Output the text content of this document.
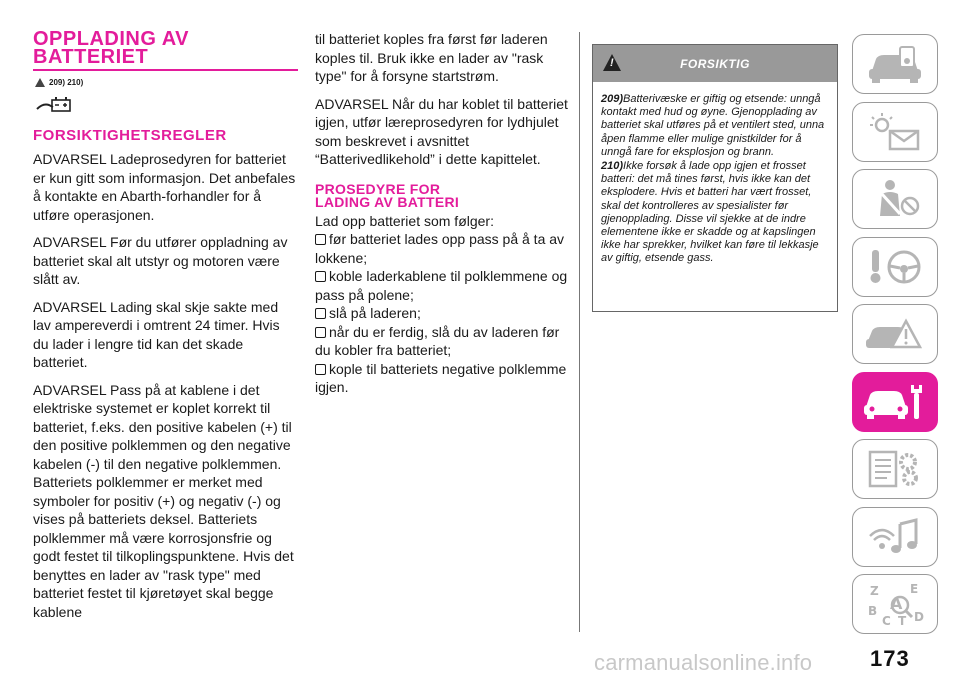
OPPLADING AV
BATTERIET
209) 210)
FORSIKTIGHETSREGLER

ADVARSEL Ladeprosedyren for batteriet er kun gitt som informasjon. Det anbefales å kontakte en Abarth-forhandler for å utføre operasjonen.

ADVARSEL Før du utfører oppladning av batteriet skal alt utstyr og motoren være slått av.

ADVARSEL Lading skal skje sakte med lav ampereverdi i omtrent 24 timer. Hvis du lader i lengre tid kan det skade batteriet.

ADVARSEL Pass på at kablene i det elektriske systemet er koplet korrekt til batteriet, f.eks. den positive kabelen (+) til den positive polklemmen og den negative kabelen (-) til den negative polklemmen. Batteriets polklemmer er merket med symboler for positiv (+) og negativ (-) og vises på batteriets deksel. Batteriets polklemmer må være korrosjonsfrie og godt festet til tilkoplingspunktene. Hvis det benyttes en lader av "rask type" med batteriet festet til kjøretøyet skal begge kablene

til batteriet koples fra først før laderen koples til. Bruk ikke en lader av "rask type" for å forsyne startstrøm.

ADVARSEL Når du har koblet til batteriet igjen, utfør læreprosedyren for lydhjulet som beskrevet i avsnittet “Batterivedlikehold” i dette kapittelet.

PROSEDYRE FOR
LADING AV BATTERI

Lad opp batteriet som følger:

før batteriet lades opp pass på å ta av lokkene;
koble laderkablene til polklemmene og pass på polene;
slå på laderen;
når du er ferdig, slå du av laderen før du kobler fra batteriet;
kople til batteriets negative polklemme igjen.
!
FORSIKTIG
209)Batterivæske er giftig og etsende: unngå kontakt med hud og øyne. Gjenopplading av batteriet skal utføres på et ventilert sted, unna åpen flamme eller mulige gnistkilder for å unngå fare for eksplosjon og brann.
210)Ikke forsøk å lade opp igjen et frosset batteri: det må tines først, hvis ikke kan det eksplodere. Hvis et batteri har vært frosset, skal det kontrolleres av spesialister før gjenopplading. Disse vil sjekke at de indre elementene ikke er skadde og at kapslingen ikke har sprekker, hvilket kan føre til lekkasje av giftig, etsende gass.
Z	E
B A
C T D
carmanualsonline.info	173
